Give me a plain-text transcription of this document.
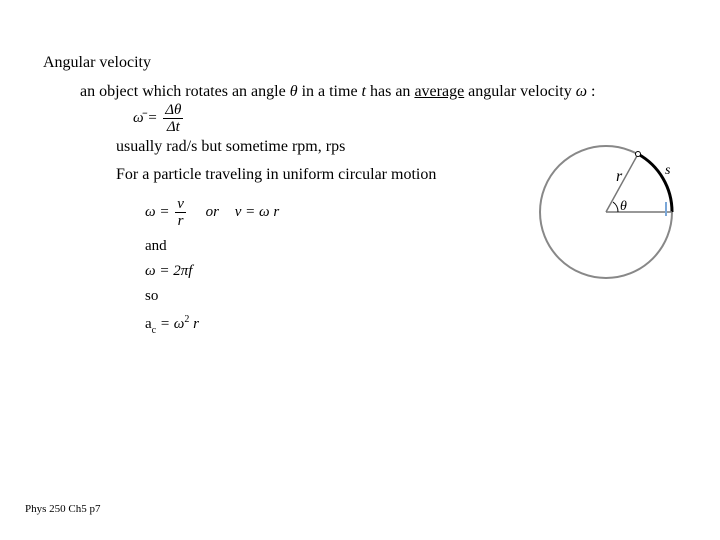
Angular velocity
an object which rotates an angle θ in a time t has an average angular velocity ω :
ω̄ = $\frac{\Delta\theta}{\Delta t}$
usually rad/s but sometime rpm, rps
For a particle traveling in uniform circular motion
$\omega = \frac{v}{r}$ or v = ω r
and
ω = 2πf
so
$a_c = \omega^2$ r
r
θ
s
Phys 250 Ch5 p7
